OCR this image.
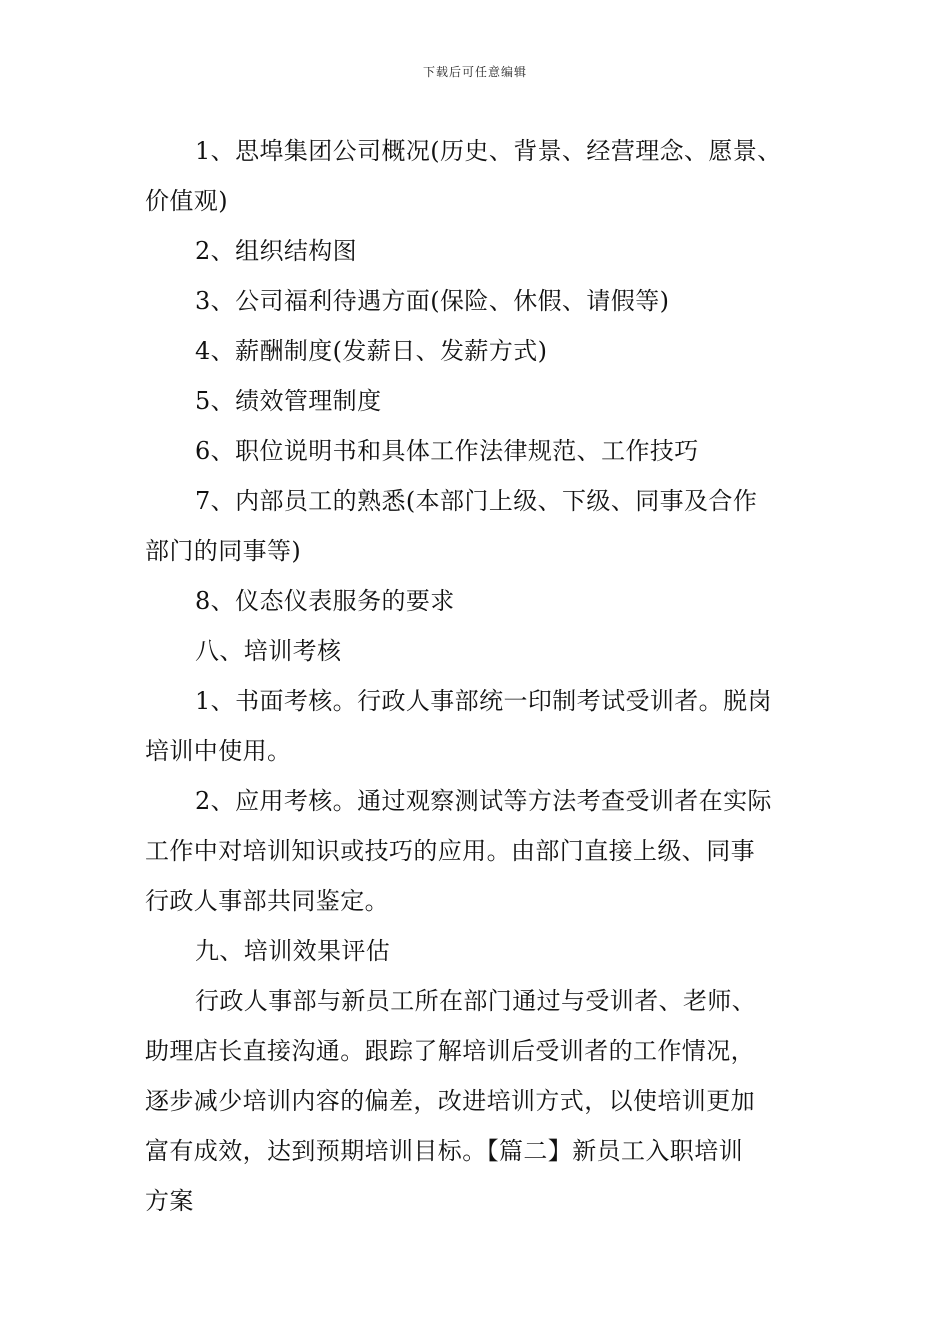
下载后可任意编辑
1、思埠集团公司概况(历史、背景、经营理念、愿景、
价值观)
2、组织结构图
3、公司福利待遇方面(保险、休假、请假等)
4、薪酬制度(发薪日、发薪方式)
5、绩效管理制度
6、职位说明书和具体工作法律规范、工作技巧
7、内部员工的熟悉(本部门上级、下级、同事及合作
部门的同事等)
8、仪态仪表服务的要求
八、培训考核
1、书面考核。行政人事部统一印制考试受训者。脱岗
培训中使用。
2、应用考核。通过观察测试等方法考查受训者在实际
工作中对培训知识或技巧的应用。由部门直接上级、同事
行政人事部共同鉴定。
九、培训效果评估
行政人事部与新员工所在部门通过与受训者、老师、
助理店长直接沟通。跟踪了解培训后受训者的工作情况，
逐步减少培训内容的偏差，改进培训方式，以使培训更加
富有成效，达到预期培训目标。【篇二】新员工入职培训
方案
